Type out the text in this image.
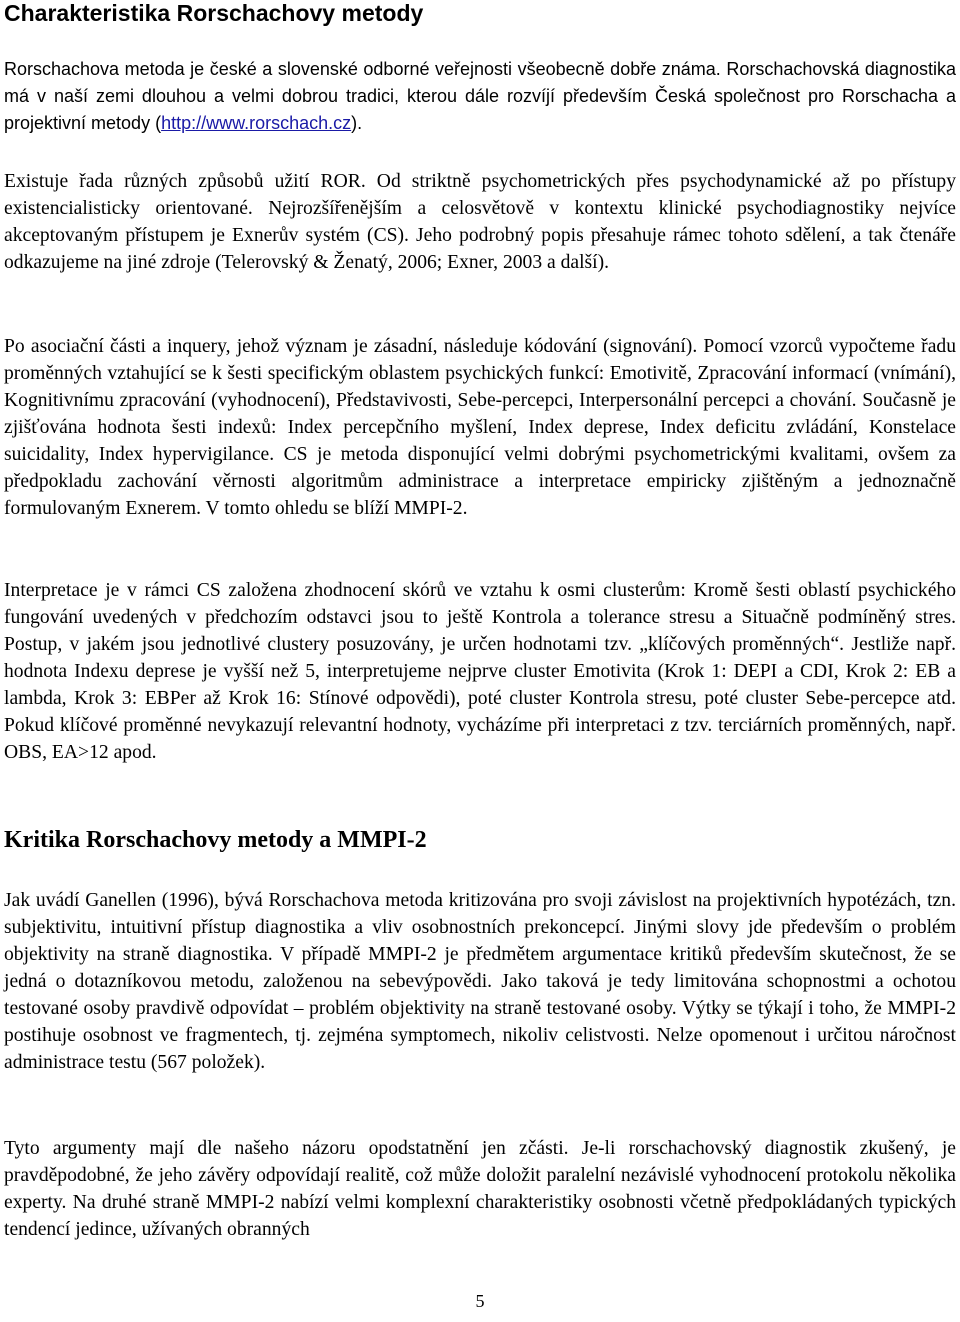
Charakteristika Rorschachovy metody

Rorschachova metoda je české a slovenské odborné veřejnosti všeobecně dobře známa. Rorschachovská diagnostika má v naší zemi dlouhou a velmi dobrou tradici, kterou dále rozvíjí především Česká společnost pro Rorschacha a projektivní metody (http://www.rorschach.cz).

Existuje řada různých způsobů užití ROR. Od striktně psychometrických přes psychodynamické až po přístupy existencialisticky orientované. Nejrozšířenějším a celosvětově v kontextu klinické psychodiagnostiky nejvíce akceptovaným přístupem je Exnerův systém (CS). Jeho podrobný popis přesahuje rámec tohoto sdělení, a tak čtenáře odkazujeme na jiné zdroje (Telerovský & Ženatý, 2006; Exner, 2003 a další).

Po asociační části a inquery, jehož význam je zásadní, následuje kódování (signování). Pomocí vzorců vypočteme řadu proměnných vztahující se k šesti specifickým oblastem psychických funkcí: Emotivitě, Zpracování informací (vnímání), Kognitivnímu zpracování (vyhodnocení), Představivosti, Sebe-percepci, Interpersonální percepci a chování. Současně je zjišťována hodnota šesti indexů: Index percepčního myšlení, Index deprese, Index deficitu zvládání, Konstelace suicidality, Index hypervigilance. CS je metoda disponující velmi dobrými psychometrickými kvalitami, ovšem za předpokladu zachování věrnosti algoritmům administrace a interpretace empiricky zjištěným a jednoznačně formulovaným Exnerem. V tomto ohledu se blíží MMPI-2.

Interpretace je v rámci CS založena zhodnocení skórů ve vztahu k osmi clusterům: Kromě šesti oblastí psychického fungování uvedených v předchozím odstavci jsou to ještě Kontrola a tolerance stresu a Situačně podmíněný stres. Postup, v jakém jsou jednotlivé clustery posuzovány, je určen hodnotami tzv. „klíčových proměnných“. Jestliže např. hodnota Indexu deprese je vyšší než 5, interpretujeme nejprve cluster Emotivita (Krok 1: DEPI a CDI, Krok 2: EB a lambda, Krok 3: EBPer až Krok 16: Stínové odpovědi), poté cluster Kontrola stresu, poté cluster Sebe-percepce atd. Pokud klíčové proměnné nevykazují relevantní hodnoty, vycházíme při interpretaci z tzv. terciárních proměnných, např. OBS, EA>12 apod.

Kritika Rorschachovy metody a MMPI-2

Jak uvádí Ganellen (1996), bývá Rorschachova metoda kritizována pro svoji závislost na projektivních hypotézách, tzn. subjektivitu, intuitivní přístup diagnostika a vliv osobnostních prekoncepcí. Jinými slovy jde především o problém objektivity na straně diagnostika. V případě MMPI-2 je předmětem argumentace kritiků především skutečnost, že se jedná o dotazníkovou metodu, založenou na sebevýpovědi. Jako taková je tedy limitována schopnostmi a ochotou testované osoby pravdivě odpovídat – problém objektivity na straně testované osoby. Výtky se týkají i toho, že MMPI-2 postihuje osobnost ve fragmentech, tj. zejména symptomech, nikoliv celistvosti. Nelze opomenout i určitou náročnost administrace testu (567 položek).

Tyto argumenty mají dle našeho názoru opodstatnění jen zčásti. Je-li rorschachovský diagnostik zkušený, je pravděpodobné, že jeho závěry odpovídají realitě, což může doložit paralelní nezávislé vyhodnocení protokolu několika experty. Na druhé straně MMPI-2 nabízí velmi komplexní charakteristiky osobnosti včetně předpokládaných typických tendencí jedince, užívaných obranných

5
